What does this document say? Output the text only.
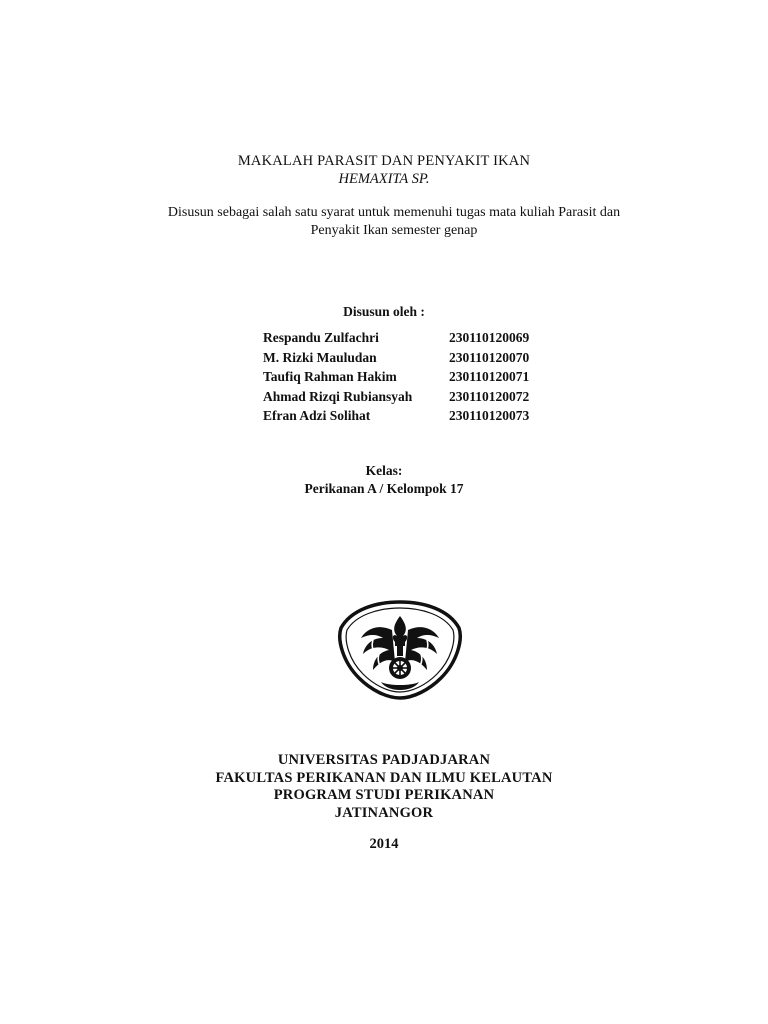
MAKALAH PARASIT DAN PENYAKIT IKAN
HEMAXITA SP.
Disusun sebagai salah satu syarat untuk memenuhi tugas mata kuliah Parasit dan
Penyakit Ikan semester genap
Disusun oleh :
Respandu Zulfachri	230110120069
M. Rizki Mauludan	230110120070
Taufiq Rahman Hakim	230110120071
Ahmad Rizqi Rubiansyah	230110120072
Efran Adzi Solihat	230110120073
Kelas:
Perikanan A / Kelompok 17
UNIVERSITAS PADJADJARAN
FAKULTAS PERIKANAN DAN ILMU KELAUTAN
PROGRAM STUDI PERIKANAN
JATINANGOR
2014
